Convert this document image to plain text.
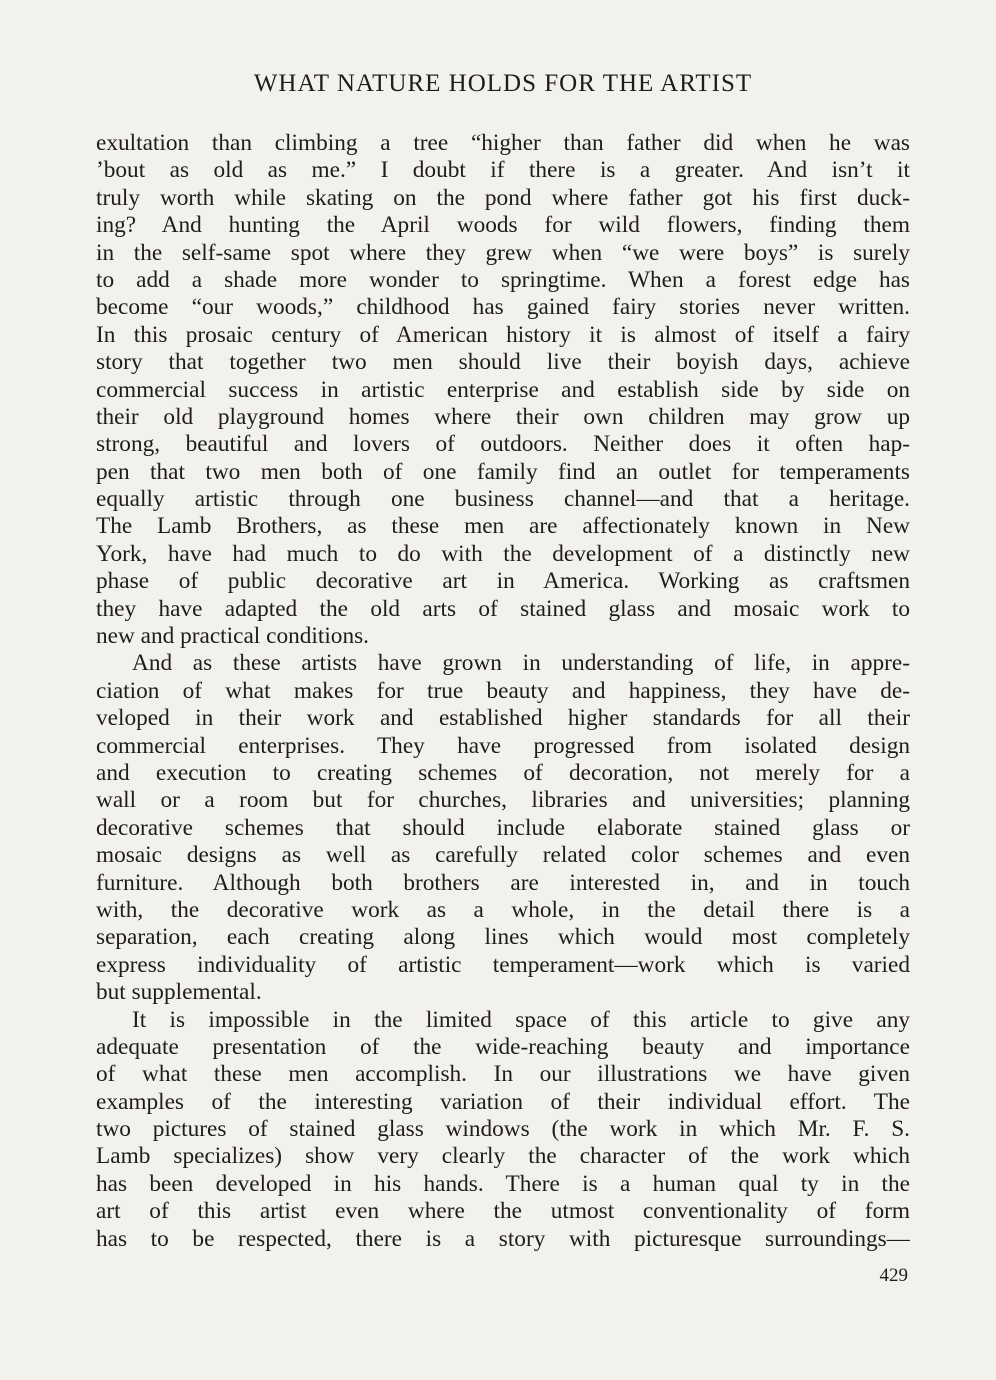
WHAT NATURE HOLDS FOR THE ARTIST
exultation than climbing a tree “higher than father did when he was
’bout as old as me.” I doubt if there is a greater. And isn’t it
truly worth while skating on the pond where father got his first duck-
ing? And hunting the April woods for wild flowers, finding them
in the self-same spot where they grew when “we were boys” is surely
to add a shade more wonder to springtime. When a forest edge has
become “our woods,” childhood has gained fairy stories never written.
In this prosaic century of American history it is almost of itself a fairy
story that together two men should live their boyish days, achieve
commercial success in artistic enterprise and establish side by side on
their old playground homes where their own children may grow up
strong, beautiful and lovers of outdoors. Neither does it often hap-
pen that two men both of one family find an outlet for temperaments
equally artistic through one business channel—and that a heritage.
The Lamb Brothers, as these men are affectionately known in New
York, have had much to do with the development of a distinctly new
phase of public decorative art in America. Working as craftsmen
they have adapted the old arts of stained glass and mosaic work to
new and practical conditions.
And as these artists have grown in understanding of life, in appre-
ciation of what makes for true beauty and happiness, they have de-
veloped in their work and established higher standards for all their
commercial enterprises. They have progressed from isolated design
and execution to creating schemes of decoration, not merely for a
wall or a room but for churches, libraries and universities; planning
decorative schemes that should include elaborate stained glass or
mosaic designs as well as carefully related color schemes and even
furniture. Although both brothers are interested in, and in touch
with, the decorative work as a whole, in the detail there is a
separation, each creating along lines which would most completely
express individuality of artistic temperament—work which is varied
but supplemental.
It is impossible in the limited space of this article to give any
adequate presentation of the wide-reaching beauty and importance
of what these men accomplish. In our illustrations we have given
examples of the interesting variation of their individual effort. The
two pictures of stained glass windows (the work in which Mr. F. S.
Lamb specializes) show very clearly the character of the work which
has been developed in his hands. There is a human qual ty in the
art of this artist even where the utmost conventionality of form
has to be respected, there is a story with picturesque surroundings—
429
